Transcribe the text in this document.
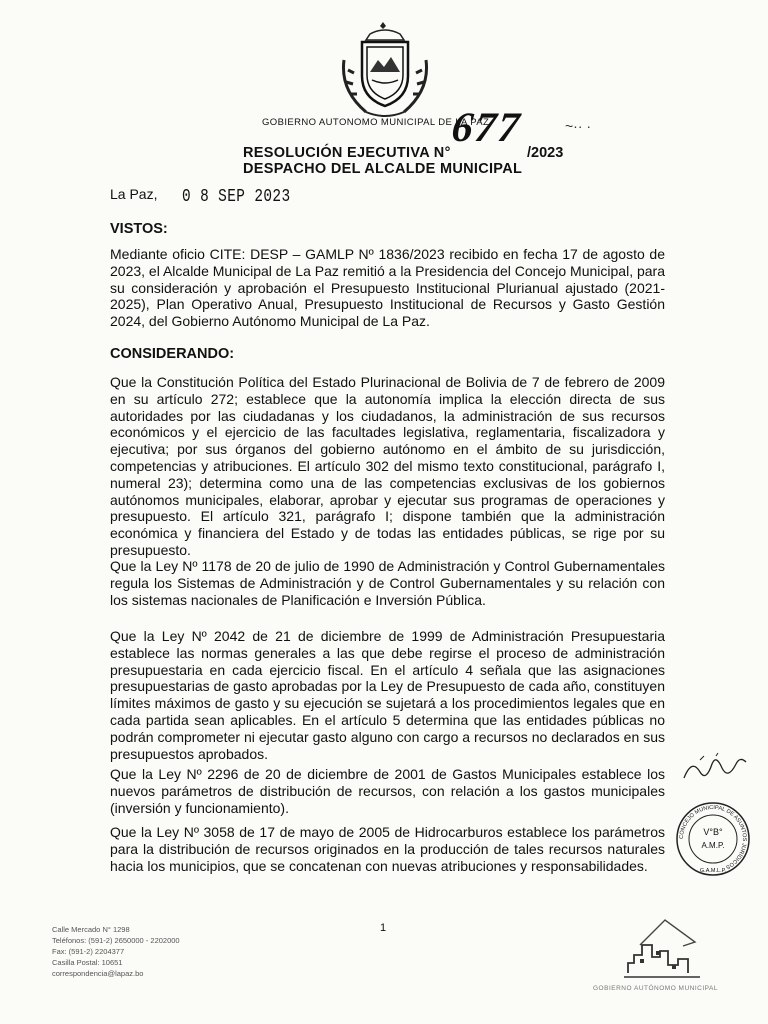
GOBIERNO AUTONOMO MUNICIPAL DE LA PAZ
677	~·· ·
RESOLUCIÓN EJECUTIVA N°	/2023
DESPACHO DEL ALCALDE MUNICIPAL
La Paz, 0 8 SEP 2023
VISTOS:
Mediante oficio CITE: DESP – GAMLP Nº 1836/2023 recibido en fecha 17 de agosto de 2023, el Alcalde Municipal de La Paz remitió a la Presidencia del Concejo Municipal, para su consideración y aprobación el Presupuesto Institucional Plurianual ajustado (2021-2025), Plan Operativo Anual, Presupuesto Institucional de Recursos y Gasto Gestión 2024, del Gobierno Autónomo Municipal de La Paz.
CONSIDERANDO:
Que la Constitución Política del Estado Plurinacional de Bolivia de 7 de febrero de 2009 en su artículo 272; establece que la autonomía implica la elección directa de sus autoridades por las ciudadanas y los ciudadanos, la administración de sus recursos económicos y el ejercicio de las facultades legislativa, reglamentaria, fiscalizadora y ejecutiva; por sus órganos del gobierno autónomo en el ámbito de su jurisdicción, competencias y atribuciones. El artículo 302 del mismo texto constitucional, parágrafo I, numeral 23); determina como una de las competencias exclusivas de los gobiernos autónomos municipales, elaborar, aprobar y ejecutar sus programas de operaciones y presupuesto. El artículo 321, parágrafo I; dispone también que la administración económica y financiera del Estado y de todas las entidades públicas, se rige por su presupuesto.
Que la Ley Nº 1178 de 20 de julio de 1990 de Administración y Control Gubernamentales regula los Sistemas de Administración y de Control Gubernamentales y su relación con los sistemas nacionales de Planificación e Inversión Pública.
Que la Ley Nº 2042 de 21 de diciembre de 1999 de Administración Presupuestaria establece las normas generales a las que debe regirse el proceso de administración presupuestaria en cada ejercicio fiscal. En el artículo 4 señala que las asignaciones presupuestarias de gasto aprobadas por la Ley de Presupuesto de cada año, constituyen límites máximos de gasto y su ejecución se sujetará a los procedimientos legales que en cada partida sean aplicables. En el artículo 5 determina que las entidades públicas no podrán comprometer ni ejecutar gasto alguno con cargo a recursos no declarados en sus presupuestos aprobados.
Que la Ley Nº 2296 de 20 de diciembre de 2001 de Gastos Municipales establece los nuevos parámetros de distribución de recursos, con relación a los gastos municipales (inversión y funcionamiento).
Que la Ley Nº 3058 de 17 de mayo de 2005 de Hidrocarburos establece los parámetros para la distribución de recursos originados en la producción de tales recursos naturales hacia los municipios, que se concatenan con nuevas atribuciones y responsabilidades.
CONCEJO MUNICIPAL DE ASUNTOS JURÍDICOS
V°B°
A.M.P.
G.A.M.L.P.
1
Calle Mercado N° 1298
Teléfonos: (591-2) 2650000 - 2202000
Fax: (591-2) 2204377
Casilla Postal: 10651
correspondencia@lapaz.bo
GOBIERNO AUTÓNOMO MUNICIPAL
